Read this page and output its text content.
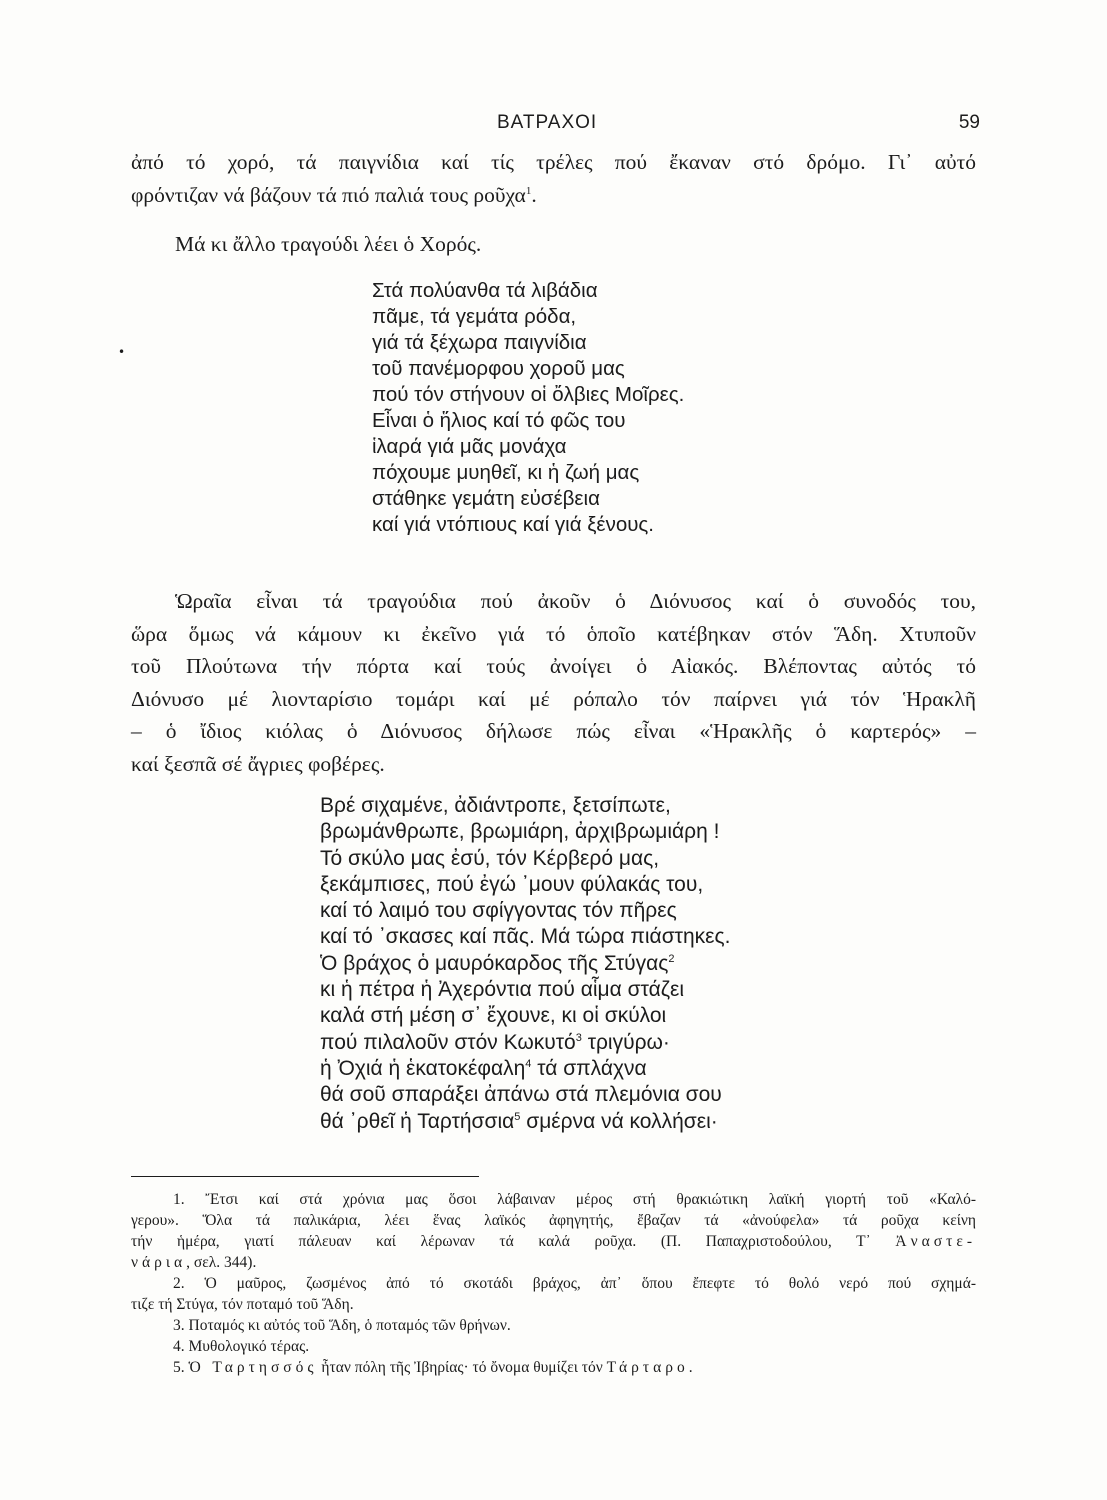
ΒΑΤΡΑΧΟΙ	59

ἀπό τό χορό, τά παιγνίδια καί τίς τρέλες πού ἔκαναν στό δρόμο. Γι᾽ αὐτό
φρόντιζαν νά βάζουν τά πιό παλιά τους ροῦχα$^1$.

Μά κι ἄλλο τραγούδι λέει ὁ Χορός.

•
Στά πολύανθα τά λιβάδια
πᾶμε, τά γεμάτα ρόδα,
γιά τά ξέχωρα παιγνίδια
τοῦ πανέμορφου χοροῦ μας
πού τόν στήνουν οἱ ὄλβιες Μοῖρες.
Εἶναι ὁ ἥλιος καί τό φῶς του
ἱλαρά γιά μᾶς μονάχα
πόχουμε μυηθεῖ, κι ἡ ζωή μας
στάθηκε γεμάτη εὐσέβεια
καί γιά ντόπιους καί γιά ξένους.

Ὡραῖα εἶναι τά τραγούδια πού ἀκοῦν ὁ Διόνυσος καί ὁ συνοδός του,
ὥρα ὅμως νά κάμουν κι ἐκεῖνο γιά τό ὁποῖο κατέβηκαν στόν Ἅδη. Χτυποῦν
τοῦ Πλούτωνα τήν πόρτα καί τούς ἀνοίγει ὁ Αἰακός. Βλέποντας αὐτός τό
Διόνυσο μέ λιονταρίσιο τομάρι καί μέ ρόπαλο τόν παίρνει γιά τόν Ἡρακλῆ
– ὁ ἴδιος κιόλας ὁ Διόνυσος δήλωσε πώς εἶναι «Ἡρακλῆς ὁ καρτερός» –
καί ξεσπᾶ σέ ἄγριες φοβέρες.

Βρέ σιχαμένε, ἀδιάντροπε, ξετσίπωτε,
βρωμάνθρωπε, βρωμιάρη, ἀρχιβρωμιάρη !
Τό σκύλο μας ἐσύ, τόν Κέρβερό μας,
ξεκάμπισες, πού ἐγώ ᾽μουν φύλακάς του,
καί τό λαιμό του σφίγγοντας τόν πῆρες
καί τό ᾽σκασες καί πᾶς. Μά τώρα πιάστηκες.
Ὁ βράχος ὁ μαυρόκαρδος τῆς Στύγας$^2$
κι ἡ πέτρα ἡ Ἀχερόντια πού αἷμα στάζει
καλά στή μέση σ᾽ ἔχουνε, κι οἱ σκύλοι
πού πιλαλοῦν στόν Κωκυτό$^3$ τριγύρω·
ἡ Ὀχιά ἡ ἑκατοκέφαλη$^4$ τά σπλάχνα
θά σοῦ σπαράξει ἀπάνω στά πλεμόνια σου
θά ᾽ρθεῖ ἡ Ταρτήσσια$^5$ σμέρνα νά κολλήσει·
1. Ἔτσι καί στά χρόνια μας ὅσοι λάβαιναν μέρος στή θρακιώτικη λαϊκή γιορτή τοῦ «Καλό-
γερου». Ὅλα τά παλικάρια, λέει ἕνας λαϊκός ἀφηγητής, ἔβαζαν τά «ἀνούφελα» τά ροῦχα κείνη
τήν ἡμέρα, γιατί πάλευαν καί λέρωναν τά καλά ροῦχα. (Π. Παπαχριστοδούλου, Τ᾽ Ἀναστε-
νάρια, σελ. 344).
2. Ὁ μαῦρος, ζωσμένος ἀπό τό σκοτάδι βράχος, ἀπ᾽ ὅπου ἔπεφτε τό θολό νερό πού σχημά-
τιζε τή Στύγα, τόν ποταμό τοῦ Ἅδη.
3. Ποταμός κι αὐτός τοῦ Ἅδη, ὁ ποταμός τῶν θρήνων.
4. Μυθολογικό τέρας.
5. Ὁ Ταρτησσός ἦταν πόλη τῆς Ἰβηρίας· τό ὄνομα θυμίζει τόν Τάρταρο.
